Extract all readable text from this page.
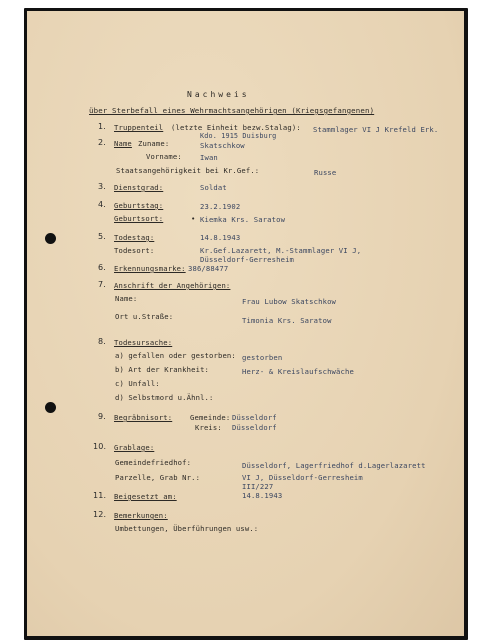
Nachweis
über Sterbefall eines Wehrmachtsangehörigen (Kriegsgefangenen)
1. Truppenteil (letzte Einheit bezw.Stalag): Stammlager VI J Krefeld Erk.
Kdo. 1915 Duisburg
2. Name Zuname:	Skatschkow
Vorname:	Iwan
Staatsangehörigkeit bei Kr.Gef.:	Russe
3. Dienstgrad:	Soldat
4. Geburtstag:	23.2.1902
Geburtsort:	• Kiemka Krs. Saratow
5. Todestag:	14.8.1943
Todesort:	Kr.Gef.Lazarett, M.-Stammlager VI J,
Düsseldorf-Gerresheim
6. Erkennungsmarke: 386/88477
7. Anschrift der Angehörigen:
Name:	Frau Lubow Skatschkow
Ort u.Straße:	Timonia Krs. Saratow
8. Todesursache:
a) gefallen oder gestorben: gestorben
b) Art der Krankheit:	Herz- & Kreislaufschwäche
c) Unfall:
d) Selbstmord u.Ähnl.:
9. Begräbnisort: Gemeinde: Düsseldorf
Kreis: Düsseldorf
10. Grablage:
Gemeindefriedhof:	Düsseldorf, Lagerfriedhof d.Lagerlazarett
Parzelle, Grab Nr.:	VI J, Düsseldorf-Gerresheim
III/227
11. Beigesetzt am:	14.8.1943
12. Bemerkungen:
Umbettungen, Überführungen usw.:
